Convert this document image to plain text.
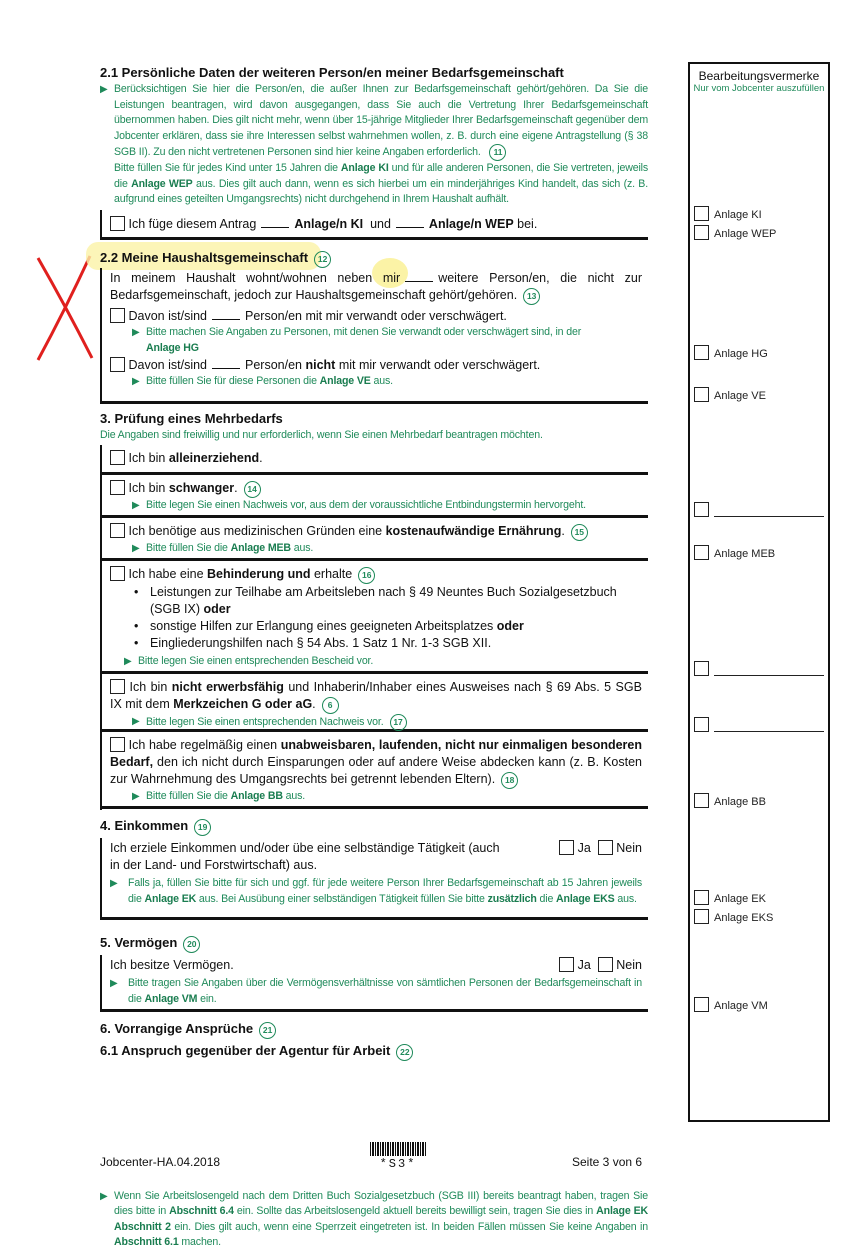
2.1 Persönliche Daten der weiteren Person/en meiner Bedarfsgemeinschaft
▶ Berücksichtigen Sie hier die Person/en, die außer Ihnen zur Bedarfsgemeinschaft gehört/gehören. Da Sie die Leistungen beantragen, wird davon ausgegangen, dass Sie auch die Vertretung Ihrer Bedarfsgemeinschaft übernommen haben. Dies gilt nicht mehr, wenn über 15-jährige Mitglieder Ihrer Bedarfsgemeinschaft gegenüber dem Jobcenter erklären, dass sie ihre Interessen selbst wahrnehmen wollen, z. B. durch eine eigene Antragstellung (§ 38 SGB II). Zu den nicht vertretenen Personen sind hier keine Angaben erforderlich. 11
Bitte füllen Sie für jedes Kind unter 15 Jahren die Anlage KI und für alle anderen Personen, die Sie vertreten, jeweils die Anlage WEP aus. Dies gilt auch dann, wenn es sich hierbei um ein minderjähriges Kind handelt, das sich (z. B. aufgrund eines geteilten Umgangsrechts) nicht durchgehend in Ihrem Haushalt aufhält.
Ich füge diesem Antrag	Anlage/n KI und	Anlage/n WEP bei.
2.2 Meine Haushaltsgemeinschaft 12
In meinem Haushalt wohnt/wohnen neben mir	weitere Person/en, die nicht zur Bedarfsgemeinschaft, jedoch zur Haushaltsgemeinschaft gehört/gehören. 13
Davon ist/sind	Person/en mit mir verwandt oder verschwägert.
▶ Bitte machen Sie Angaben zu Personen, mit denen Sie verwandt oder verschwägert sind, in der
Anlage HG
Davon ist/sind	Person/en nicht mit mir verwandt oder verschwägert.
▶ Bitte füllen Sie für diese Personen die Anlage VE aus.
3. Prüfung eines Mehrbedarfs
Die Angaben sind freiwillig und nur erforderlich, wenn Sie einen Mehrbedarf beantragen möchten.
Ich bin alleinerziehend.
Ich bin schwanger. 14
▶ Bitte legen Sie einen Nachweis vor, aus dem der voraussichtliche Entbindungstermin hervorgeht.
Ich benötige aus medizinischen Gründen eine kostenaufwändige Ernährung. 15
▶ Bitte füllen Sie die Anlage MEB aus.
Ich habe eine Behinderung und erhalte 16
• Leistungen zur Teilhabe am Arbeitsleben nach § 49 Neuntes Buch Sozialgesetzbuch (SGB IX) oder
• sonstige Hilfen zur Erlangung eines geeigneten Arbeitsplatzes oder
• Eingliederungshilfen nach § 54 Abs. 1 Satz 1 Nr. 1-3 SGB XII.
▶ Bitte legen Sie einen entsprechenden Bescheid vor.
Ich bin nicht erwerbsfähig und Inhaberin/Inhaber eines Ausweises nach § 69 Abs. 5 SGB IX mit dem Merkzeichen G oder aG. 6
▶ Bitte legen Sie einen entsprechenden Nachweis vor. 17
Ich habe regelmäßig einen unabweisbaren, laufenden, nicht nur einmaligen besonderen Bedarf, den ich nicht durch Einsparungen oder auf andere Weise abdecken kann (z. B. Kosten zur Wahrnehmung des Umgangsrechts bei getrennt lebenden Eltern). 18
▶ Bitte füllen Sie die Anlage BB aus.
4. Einkommen 19
Ich erziele Einkommen und/oder übe eine selbständige Tätigkeit (auch in der Land- und Forstwirtschaft) aus.
Ja Nein
▶ Falls ja, füllen Sie bitte für sich und ggf. für jede weitere Person Ihrer Bedarfsgemeinschaft ab 15 Jahren jeweils die Anlage EK aus. Bei Ausübung einer selbständigen Tätigkeit füllen Sie bitte zusätzlich die Anlage EKS aus.
5. Vermögen 20
Ich besitze Vermögen.	Ja Nein
▶ Bitte tragen Sie Angaben über die Vermögensverhältnisse von sämtlichen Personen der Bedarfsgemeinschaft in die Anlage VM ein.
6. Vorrangige Ansprüche 21
6.1 Anspruch gegenüber der Agentur für Arbeit 22
▶ Wenn Sie Arbeitslosengeld nach dem Dritten Buch Sozialgesetzbuch (SGB III) bereits beantragt haben, tragen Sie dies bitte in Abschnitt 6.4 ein. Sollte das Arbeitslosengeld aktuell bereits bewilligt sein, tragen Sie dies in Anlage EK Abschnitt 2 ein. Dies gilt auch, wenn eine Sperrzeit eingetreten ist. In beiden Fällen müssen Sie keine Angaben in Abschnitt 6.1 machen.
Bearbeitungsvermerke
Nur vom Jobcenter auszufüllen
Anlage KI
Anlage WEP
Anlage HG
Anlage VE
Anlage MEB
Anlage BB
Anlage EK
Anlage EKS
Anlage VM
Jobcenter-HA.04.2018	*S3*	Seite 3 von 6
